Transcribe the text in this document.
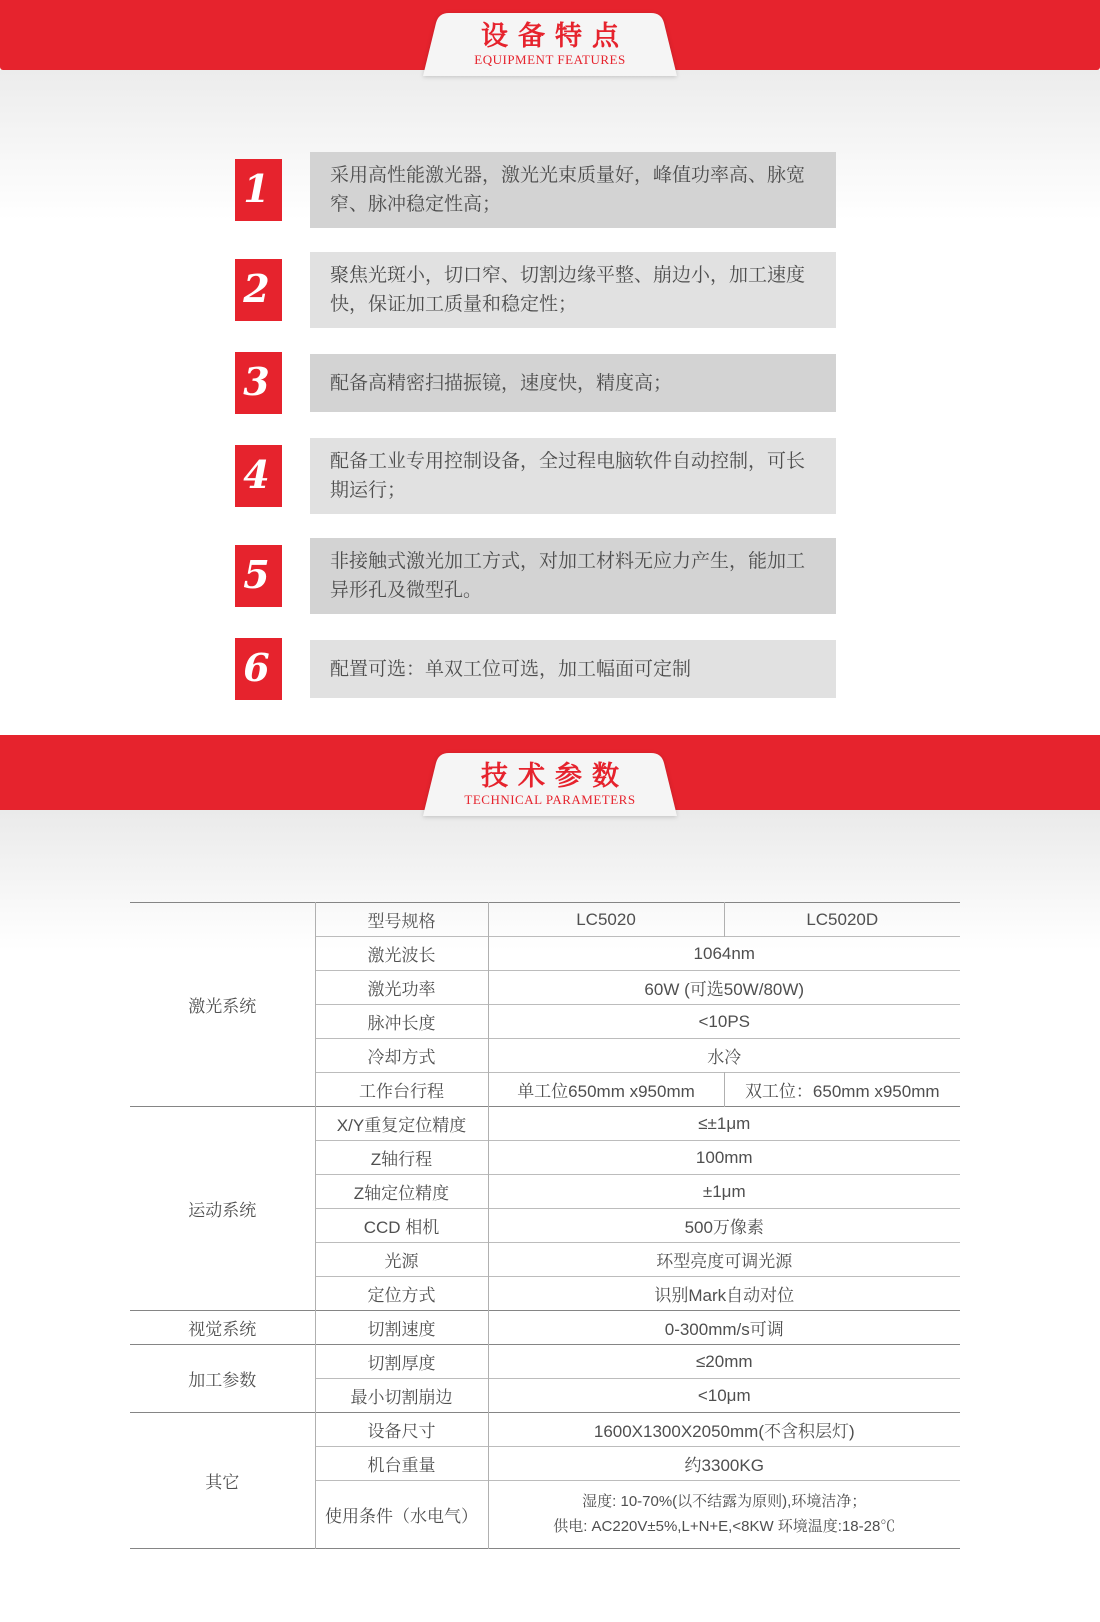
设备特点
EQUIPMENT FEATURES
1	采用高性能激光器，激光光束质量好，峰值功率高、脉宽窄、脉冲稳定性高；
2	聚焦光斑小，切口窄、切割边缘平整、崩边小，加工速度快，保证加工质量和稳定性；
3	配备高精密扫描振镜，速度快，精度高；
4	配备工业专用控制设备，全过程电脑软件自动控制，可长期运行；
5	非接触式激光加工方式，对加工材料无应力产生，能加工异形孔及微型孔。
6	配置可选：单双工位可选，加工幅面可定制
技术参数
TECHNICAL PARAMETERS
激光系统	型号规格	LC5020	LC5020D
	激光波长	1064nm	
	激光功率	60W (可选50W/80W)	
	脉冲长度	<10PS	
	冷却方式	水冷	
	工作台行程	单工位650mm x950mm	双工位：650mm x950mm
运动系统	X/Y重复定位精度	≤±1μm	
	Z轴行程	100mm	
	Z轴定位精度	±1μm	
	CCD 相机	500万像素	
	光源	环型亮度可调光源	
	定位方式	识别Mark自动对位	
视觉系统	切割速度	0-300mm/s可调	
加工参数	切割厚度	≤20mm	
	最小切割崩边	<10μm	
其它	设备尺寸	1600X1300X2050mm(不含积层灯)	
	机台重量	约3300KG	
	使用条件（水电气）	湿度: 10-70%(以不结露为原则),环境洁净；
供电: AC220V±5%,L+N+E,<8KW 环境温度:18-28℃	
